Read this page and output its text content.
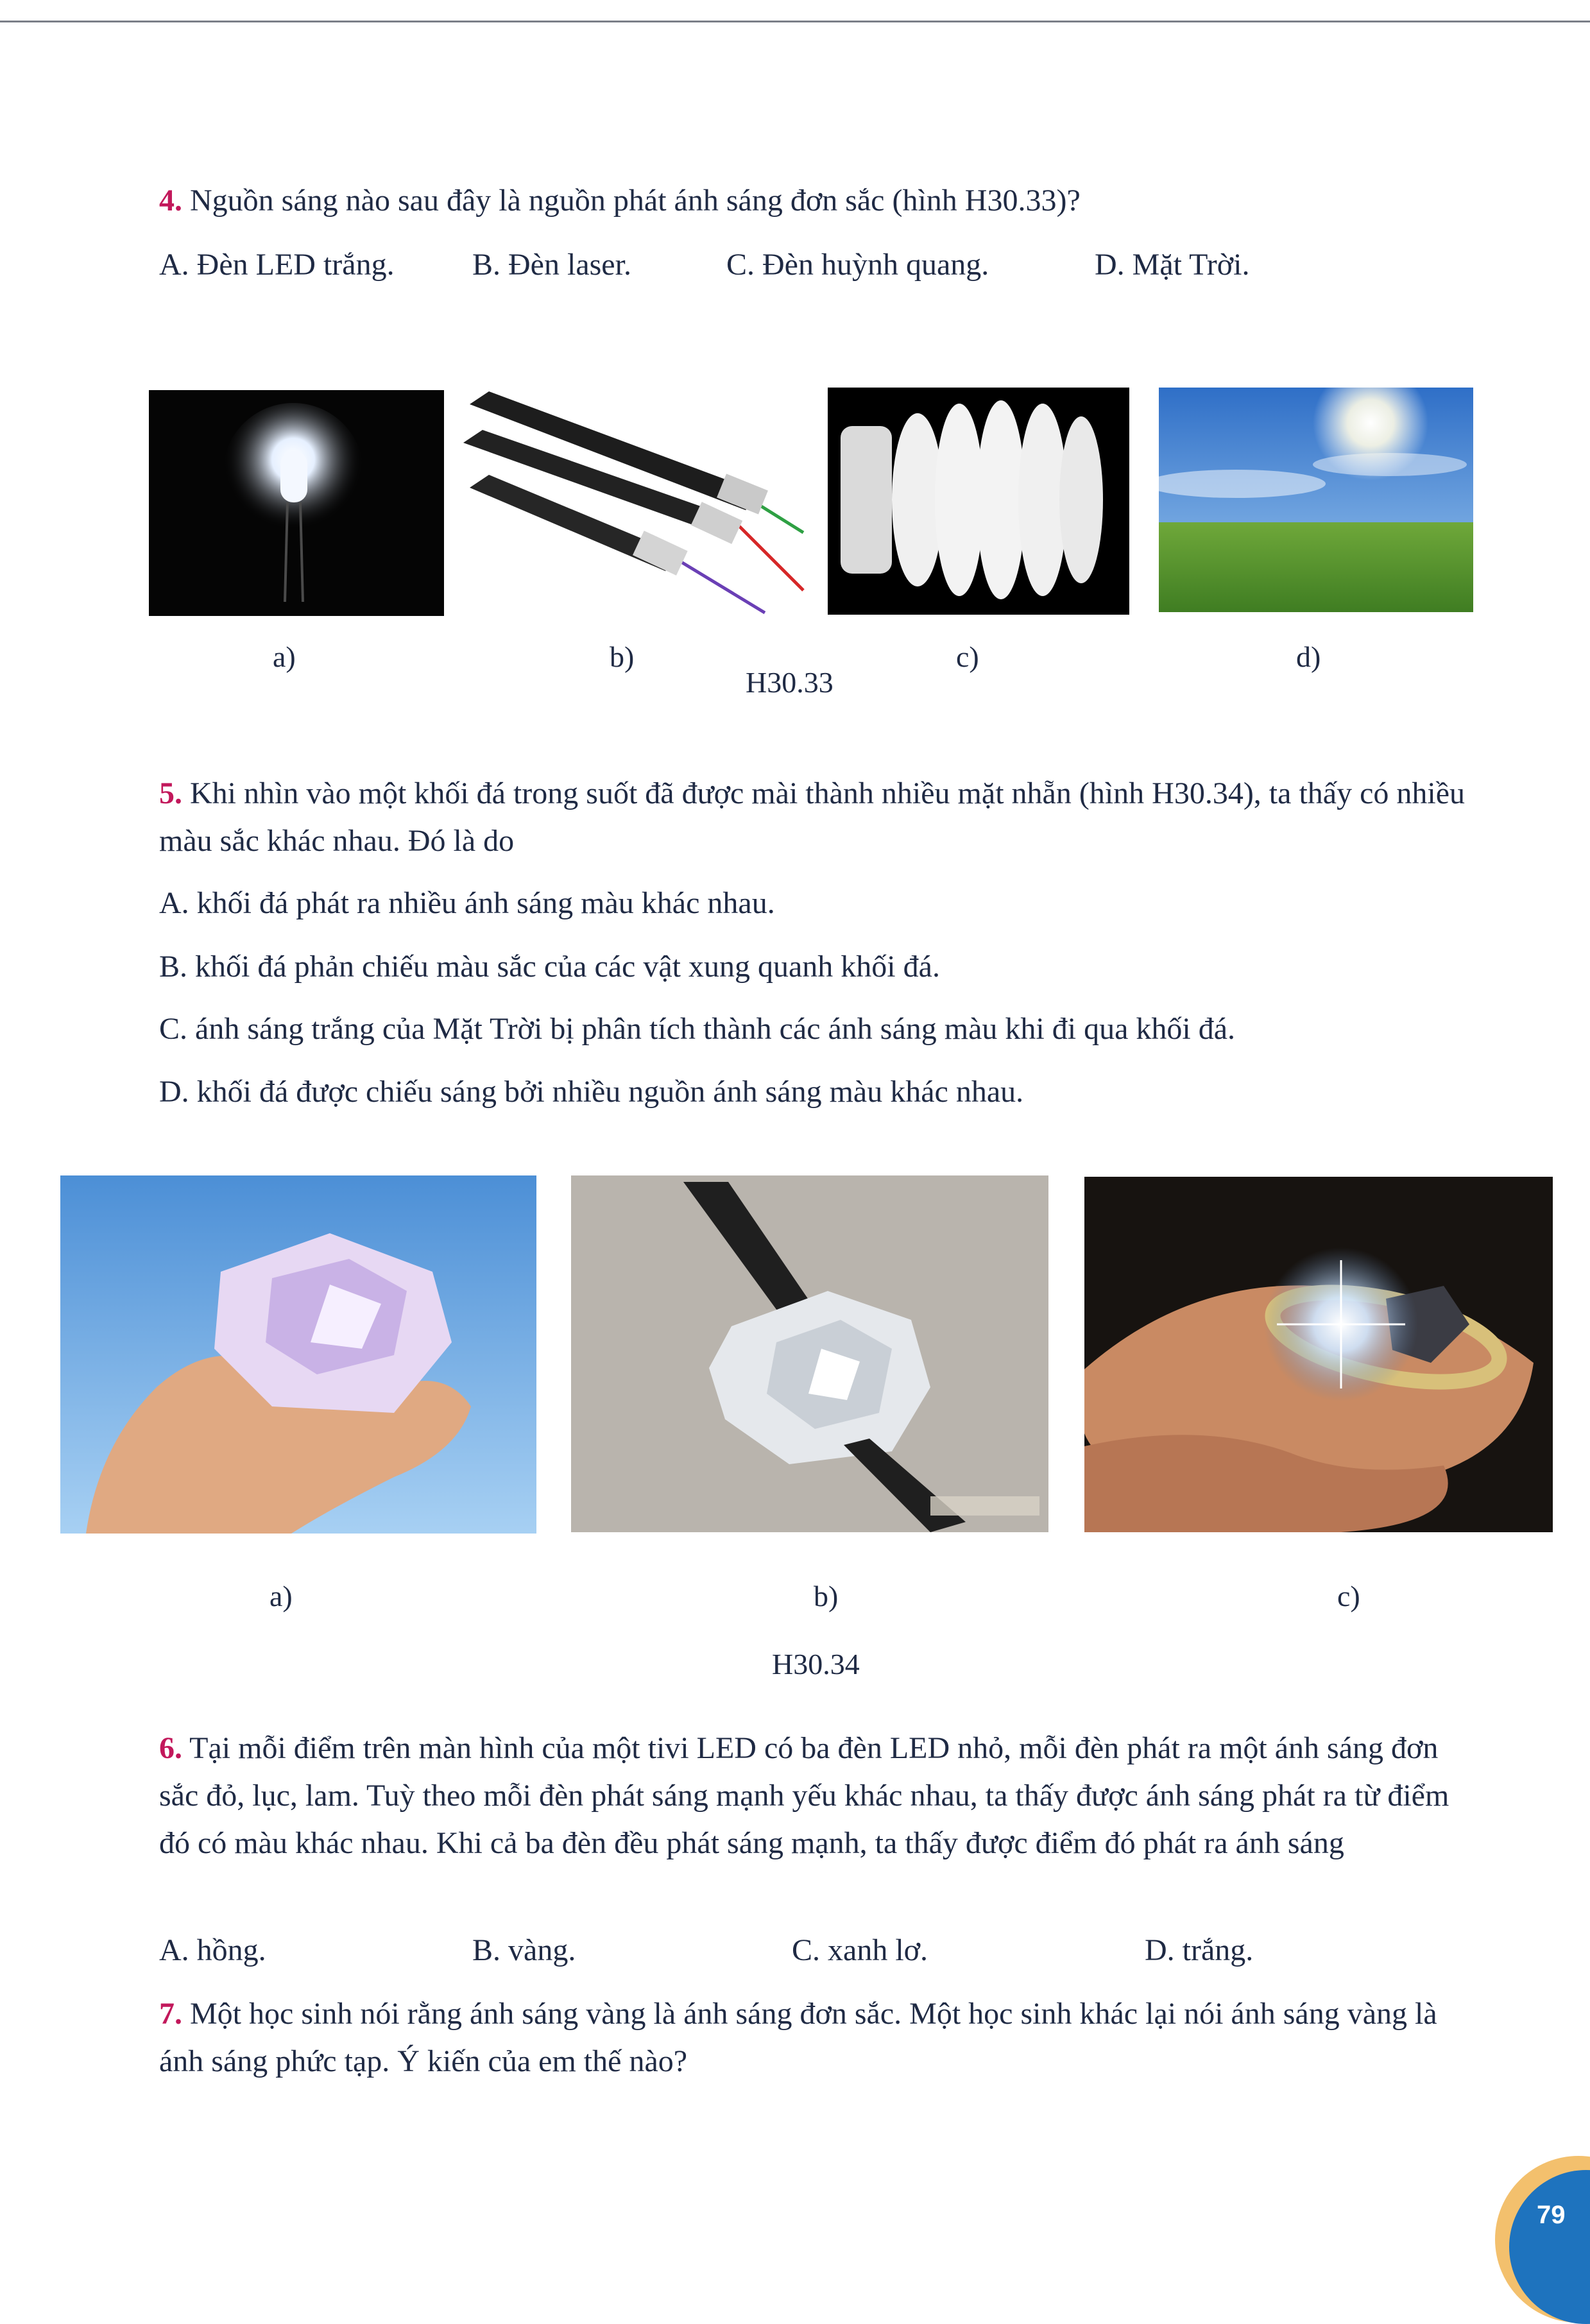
4. Nguồn sáng nào sau đây là nguồn phát ánh sáng đơn sắc (hình H30.33)?
A. Đèn LED trắng.	B. Đèn laser.	C. Đèn huỳnh quang.	D. Mặt Trời.
a)	b)	c)	d)
H30.33
5. Khi nhìn vào một khối đá trong suốt đã được mài thành nhiều mặt nhẵn (hình H30.34), ta thấy có nhiều màu sắc khác nhau. Đó là do
A. khối đá phát ra nhiều ánh sáng màu khác nhau.
B. khối đá phản chiếu màu sắc của các vật xung quanh khối đá.
C. ánh sáng trắng của Mặt Trời bị phân tích thành các ánh sáng màu khi đi qua khối đá.
D. khối đá được chiếu sáng bởi nhiều nguồn ánh sáng màu khác nhau.
a)	b)	c)
H30.34
6. Tại mỗi điểm trên màn hình của một tivi LED có ba đèn LED nhỏ, mỗi đèn phát ra một ánh sáng đơn sắc đỏ, lục, lam. Tuỳ theo mỗi đèn phát sáng mạnh yếu khác nhau, ta thấy được ánh sáng phát ra từ điểm đó có màu khác nhau. Khi cả ba đèn đều phát sáng mạnh, ta thấy được điểm đó phát ra ánh sáng
A. hồng.	B. vàng.	C. xanh lơ.	D. trắng.
7. Một học sinh nói rằng ánh sáng vàng là ánh sáng đơn sắc. Một học sinh khác lại nói ánh sáng vàng là ánh sáng phức tạp. Ý kiến của em thế nào?
79
